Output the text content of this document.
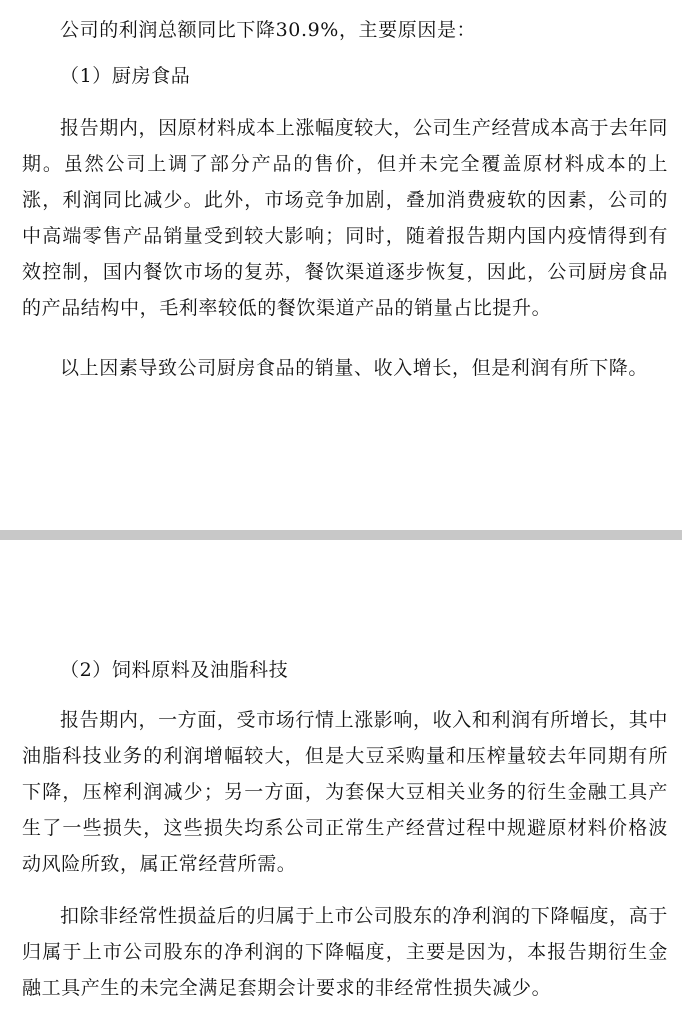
公司的利润总额同比下降30.9%，主要原因是：

（1）厨房食品

报告期内，因原材料成本上涨幅度较大，公司生产经营成本高于去年同期。虽然公司上调了部分产品的售价，但并未完全覆盖原材料成本的上涨，利润同比减少。此外，市场竞争加剧，叠加消费疲软的因素，公司的中高端零售产品销量受到较大影响；同时，随着报告期内国内疫情得到有效控制，国内餐饮市场的复苏，餐饮渠道逐步恢复，因此，公司厨房食品的产品结构中，毛利率较低的餐饮渠道产品的销量占比提升。

以上因素导致公司厨房食品的销量、收入增长，但是利润有所下降。

（2）饲料原料及油脂科技

报告期内，一方面，受市场行情上涨影响，收入和利润有所增长，其中油脂科技业务的利润增幅较大，但是大豆采购量和压榨量较去年同期有所下降，压榨利润减少；另一方面，为套保大豆相关业务的衍生金融工具产生了一些损失，这些损失均系公司正常生产经营过程中规避原材料价格波动风险所致，属正常经营所需。

扣除非经常性损益后的归属于上市公司股东的净利润的下降幅度，高于归属于上市公司股东的净利润的下降幅度，主要是因为，本报告期衍生金融工具产生的未完全满足套期会计要求的非经常性损失减少。
